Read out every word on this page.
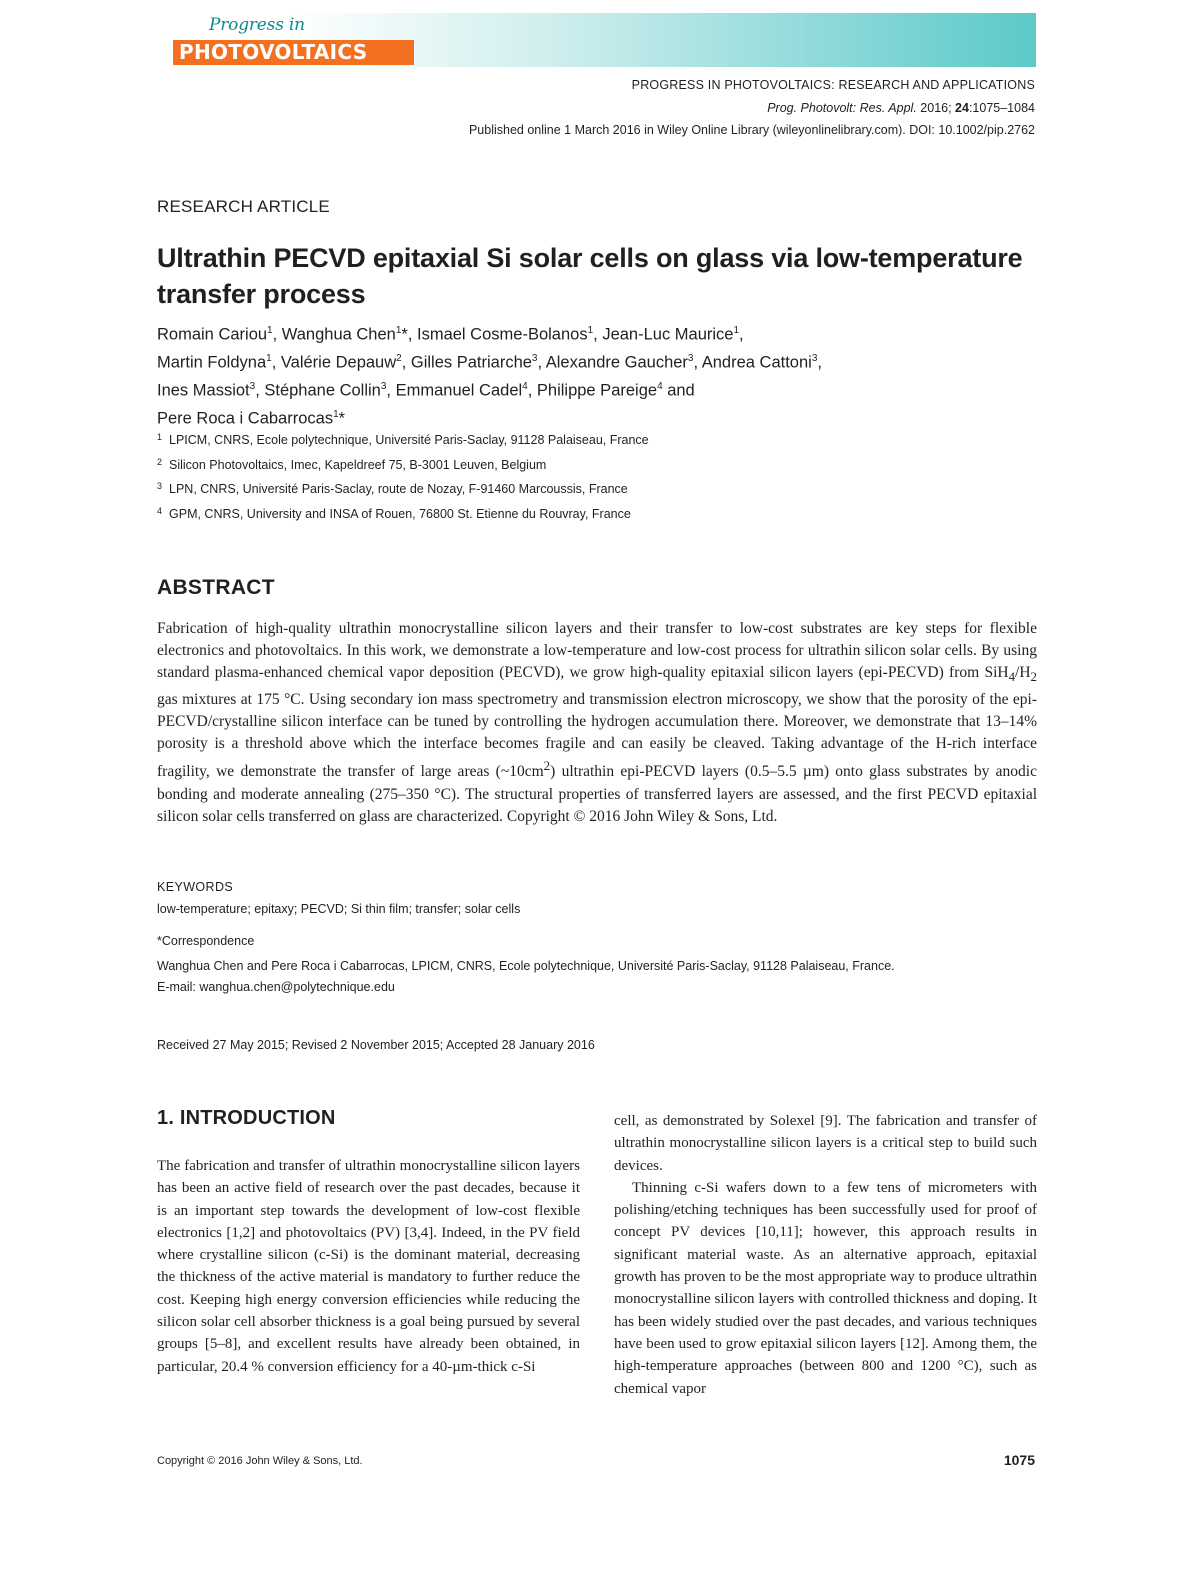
Progress in
PHOTOVOLTAICS
PROGRESS IN PHOTOVOLTAICS: RESEARCH AND APPLICATIONS
Prog. Photovolt: Res. Appl. 2016; 24:1075–1084
Published online 1 March 2016 in Wiley Online Library (wileyonlinelibrary.com). DOI: 10.1002/pip.2762
RESEARCH ARTICLE
Ultrathin PECVD epitaxial Si solar cells on glass via low-temperature transfer process
Romain Cariou$^1$, Wanghua Chen$^1$*, Ismael Cosme-Bolanos$^1$, Jean-Luc Maurice$^1$,
Martin Foldyna$^1$, Valérie Depauw$^2$, Gilles Patriarche$^3$, Alexandre Gaucher$^3$, Andrea Cattoni$^3$,
Ines Massiot$^3$, Stéphane Collin$^3$, Emmanuel Cadel$^4$, Philippe Pareige$^4$ and
Pere Roca i Cabarrocas$^1$*
$^1$ LPICM, CNRS, Ecole polytechnique, Université Paris-Saclay, 91128 Palaiseau, France
$^2$ Silicon Photovoltaics, Imec, Kapeldreef 75, B-3001 Leuven, Belgium
$^3$ LPN, CNRS, Université Paris-Saclay, route de Nozay, F-91460 Marcoussis, France
$^4$ GPM, CNRS, University and INSA of Rouen, 76800 St. Etienne du Rouvray, France
ABSTRACT
Fabrication of high-quality ultrathin monocrystalline silicon layers and their transfer to low-cost substrates are key steps for flexible electronics and photovoltaics. In this work, we demonstrate a low-temperature and low-cost process for ultrathin silicon solar cells. By using standard plasma-enhanced chemical vapor deposition (PECVD), we grow high-quality epitaxial silicon layers (epi-PECVD) from $SiH_4/H_2$ gas mixtures at 175 °C. Using secondary ion mass spectrometry and transmission electron microscopy, we show that the porosity of the epi-PECVD/crystalline silicon interface can be tuned by controlling the hydrogen accumulation there. Moreover, we demonstrate that 13–14% porosity is a threshold above which the interface becomes fragile and can easily be cleaved. Taking advantage of the H-rich interface fragility, we demonstrate the transfer of large areas $(\sim 10cm^2)$ ultrathin epi-PECVD layers (0.5–5.5 µm) onto glass substrates by anodic bonding and moderate annealing (275–350 °C). The structural properties of transferred layers are assessed, and the first PECVD epitaxial silicon solar cells transferred on glass are characterized. Copyright © 2016 John Wiley & Sons, Ltd.
KEYWORDS
low-temperature; epitaxy; PECVD; Si thin film; transfer; solar cells
*Correspondence
Wanghua Chen and Pere Roca i Cabarrocas, LPICM, CNRS, Ecole polytechnique, Université Paris-Saclay, 91128 Palaiseau, France.
E-mail: wanghua.chen@polytechnique.edu
Received 27 May 2015; Revised 2 November 2015; Accepted 28 January 2016
1. INTRODUCTION
The fabrication and transfer of ultrathin monocrystalline silicon layers has been an active field of research over the past decades, because it is an important step towards the development of low-cost flexible electronics [1,2] and photovoltaics (PV) [3,4]. Indeed, in the PV field where crystalline silicon (c-Si) is the dominant material, decreasing the thickness of the active material is mandatory to further reduce the cost. Keeping high energy conversion efficiencies while reducing the silicon solar cell absorber thickness is a goal being pursued by several groups [5–8], and excellent results have already been obtained, in particular, 20.4 % conversion efficiency for a 40-µm-thick c-Si

cell, as demonstrated by Solexel [9]. The fabrication and transfer of ultrathin monocrystalline silicon layers is a critical step to build such devices.

Thinning c-Si wafers down to a few tens of micrometers with polishing/etching techniques has been successfully used for proof of concept PV devices [10,11]; however, this approach results in significant material waste. As an alternative approach, epitaxial growth has proven to be the most appropriate way to produce ultrathin monocrystalline silicon layers with controlled thickness and doping. It has been widely studied over the past decades, and various techniques have been used to grow epitaxial silicon layers [12]. Among them, the high-temperature approaches (between 800 and 1200 °C), such as chemical vapor

Copyright © 2016 John Wiley & Sons, Ltd.	1075
